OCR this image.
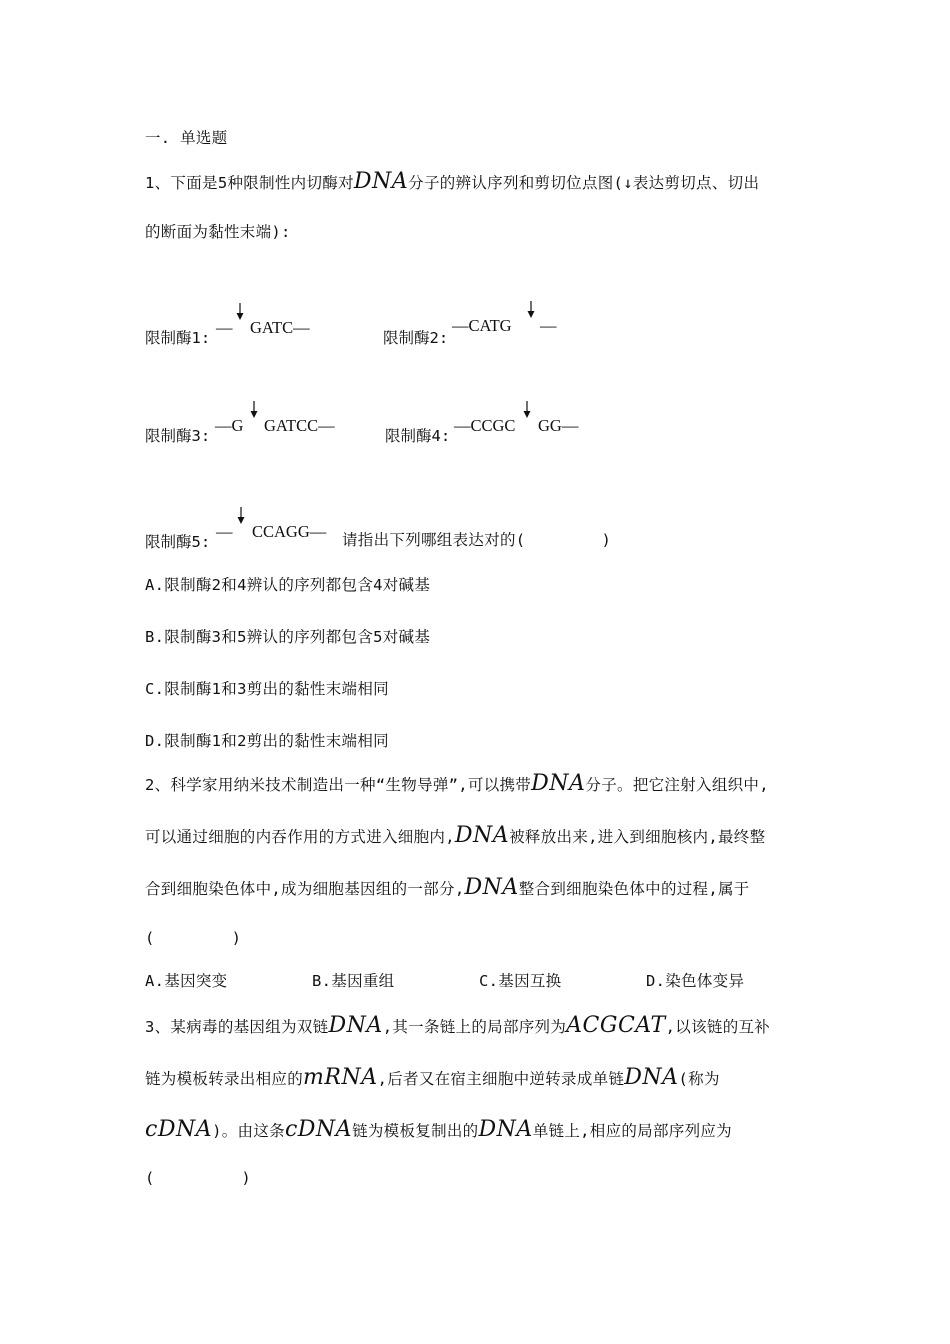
一. 单选题
1、下面是5种限制性内切酶对DNA分子的辨认序列和剪切位点图(↓表达剪切点、切出
的断面为黏性末端):
限制酶1:
— GATC—
限制酶2:
—CATG —
限制酶3:
—G GATCC—
限制酶4:
—CCGC GG—
限制酶5:
— CCAGG— 请指出下列哪组表达对的(	)
A.限制酶2和4辨认的序列都包含4对碱基
B.限制酶3和5辨认的序列都包含5对碱基
C.限制酶1和3剪出的黏性末端相同
D.限制酶1和2剪出的黏性末端相同
2、科学家用纳米技术制造出一种“生物导弹”,可以携带DNA分子。把它注射入组织中,
可以通过细胞的内吞作用的方式进入细胞内,DNA被释放出来,进入到细胞核内,最终整
合到细胞染色体中,成为细胞基因组的一部分,DNA整合到细胞染色体中的过程,属于
(        )
A.基因突变	B.基因重组	C.基因互换	D.染色体变异
3、某病毒的基因组为双链DNA,其一条链上的局部序列为ACGCAT,以该链的互补
链为模板转录出相应的mRNA,后者又在宿主细胞中逆转录成单链DNA(称为
cDNA)。由这条cDNA链为模板复制出的DNA单链上,相应的局部序列应为
(         )
